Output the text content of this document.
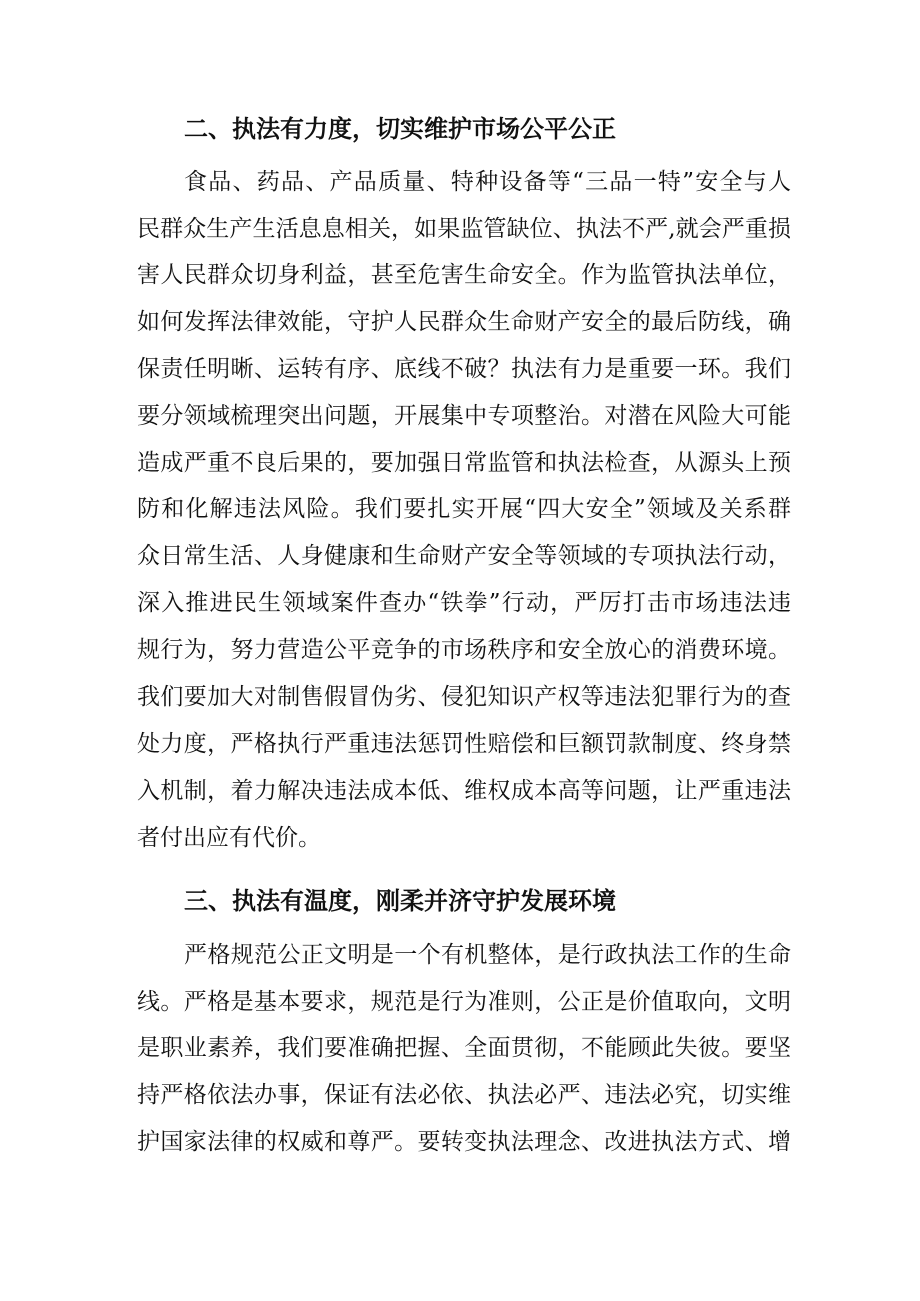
二、执法有力度，切实维护市场公平公正
食品、药品、产品质量、特种设备等“三品一特”安全与人
民群众生产生活息息相关，如果监管缺位、执法不严,就会严重损
害人民群众切身利益，甚至危害生命安全。作为监管执法单位，
如何发挥法律效能，守护人民群众生命财产安全的最后防线，确
保责任明晰、运转有序、底线不破？执法有力是重要一环。我们
要分领域梳理突出问题，开展集中专项整治。对潜在风险大可能
造成严重不良后果的，要加强日常监管和执法检查，从源头上预
防和化解违法风险。我们要扎实开展“四大安全”领域及关系群
众日常生活、人身健康和生命财产安全等领域的专项执法行动，
深入推进民生领域案件查办“铁拳”行动，严厉打击市场违法违
规行为，努力营造公平竞争的市场秩序和安全放心的消费环境。
我们要加大对制售假冒伪劣、侵犯知识产权等违法犯罪行为的查
处力度，严格执行严重违法惩罚性赔偿和巨额罚款制度、终身禁
入机制，着力解决违法成本低、维权成本高等问题，让严重违法
者付出应有代价。
三、执法有温度，刚柔并济守护发展环境
严格规范公正文明是一个有机整体，是行政执法工作的生命
线。严格是基本要求，规范是行为准则，公正是价值取向，文明
是职业素养，我们要准确把握、全面贯彻，不能顾此失彼。要坚
持严格依法办事，保证有法必依、执法必严、违法必究，切实维
护国家法律的权威和尊严。要转变执法理念、改进执法方式、增
